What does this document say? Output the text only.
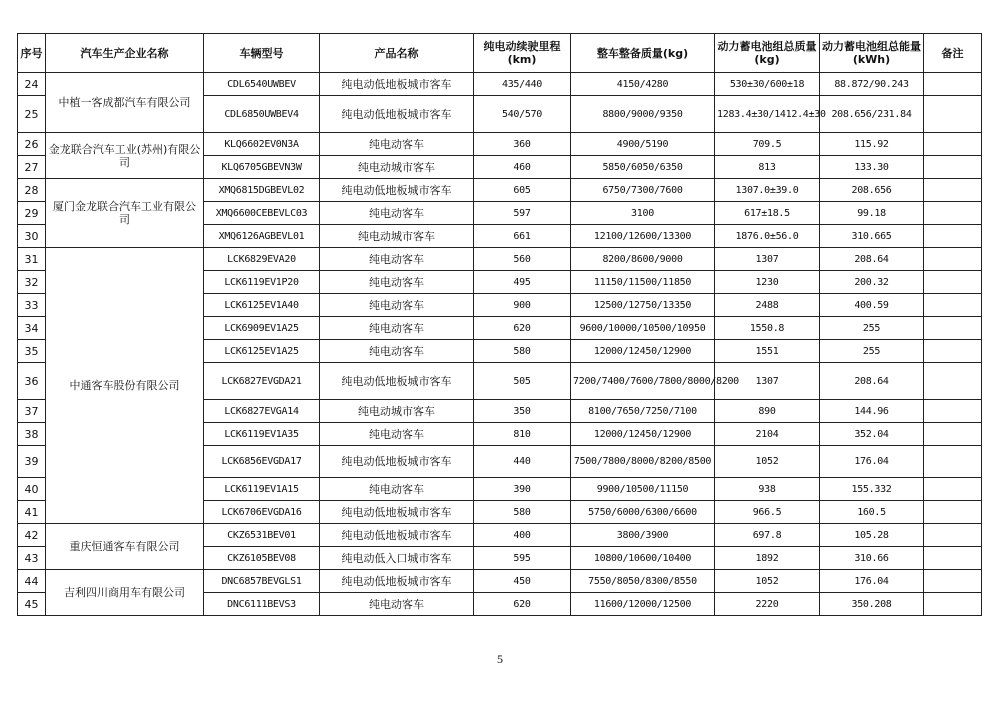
序号	汽车生产企业名称	车辆型号	产品名称	纯电动续驶里程(km)	整车整备质量(kg)	动力蓄电池组总质量(kg)	动力蓄电池组总能量(kWh)	备注
24	中植一客成都汽车有限公司	CDL6540UWBEV	纯电动低地板城市客车	435/440	4150/4280	530±30/600±18	88.872/90.243	
25		CDL6850UWBEV4	纯电动低地板城市客车	540/570	8800/9000/9350	1283.4±30/1412.4±30	208.656/231.84	
26	金龙联合汽车工业(苏州)有限公司	KLQ6602EV0N3A	纯电动客车	360	4900/5190	709.5	115.92	
27		KLQ6705GBEVN3W	纯电动城市客车	460	5850/6050/6350	813	133.30	
28	厦门金龙联合汽车工业有限公司	XMQ6815DGBEVL02	纯电动低地板城市客车	605	6750/7300/7600	1307.0±39.0	208.656	
29		XMQ6600CEBEVLC03	纯电动客车	597	3100	617±18.5	99.18	
30		XMQ6126AGBEVL01	纯电动城市客车	661	12100/12600/13300	1876.0±56.0	310.665	
31	中通客车股份有限公司	LCK6829EVA20	纯电动客车	560	8200/8600/9000	1307	208.64	
32		LCK6119EV1P20	纯电动客车	495	11150/11500/11850	1230	200.32	
33		LCK6125EV1A40	纯电动客车	900	12500/12750/13350	2488	400.59	
34		LCK6909EV1A25	纯电动客车	620	9600/10000/10500/10950	1550.8	255	
35		LCK6125EV1A25	纯电动客车	580	12000/12450/12900	1551	255	
36		LCK6827EVGDA21	纯电动低地板城市客车	505	7200/7400/7600/7800/8000/8200	1307	208.64	
37		LCK6827EVGA14	纯电动城市客车	350	8100/7650/7250/7100	890	144.96	
38		LCK6119EV1A35	纯电动客车	810	12000/12450/12900	2104	352.04	
39		LCK6856EVGDA17	纯电动低地板城市客车	440	7500/7800/8000/8200/8500	1052	176.04	
40		LCK6119EV1A15	纯电动客车	390	9900/10500/11150	938	155.332	
41		LCK6706EVGDA16	纯电动低地板城市客车	580	5750/6000/6300/6600	966.5	160.5	
42	重庆恒通客车有限公司	CKZ6531BEV01	纯电动低地板城市客车	400	3800/3900	697.8	105.28	
43		CKZ6105BEV08	纯电动低入口城市客车	595	10800/10600/10400	1892	310.66	
44	吉利四川商用车有限公司	DNC6857BEVGLS1	纯电动低地板城市客车	450	7550/8050/8300/8550	1052	176.04	
45		DNC6111BEVS3	纯电动客车	620	11600/12000/12500	2220	350.208	
5
